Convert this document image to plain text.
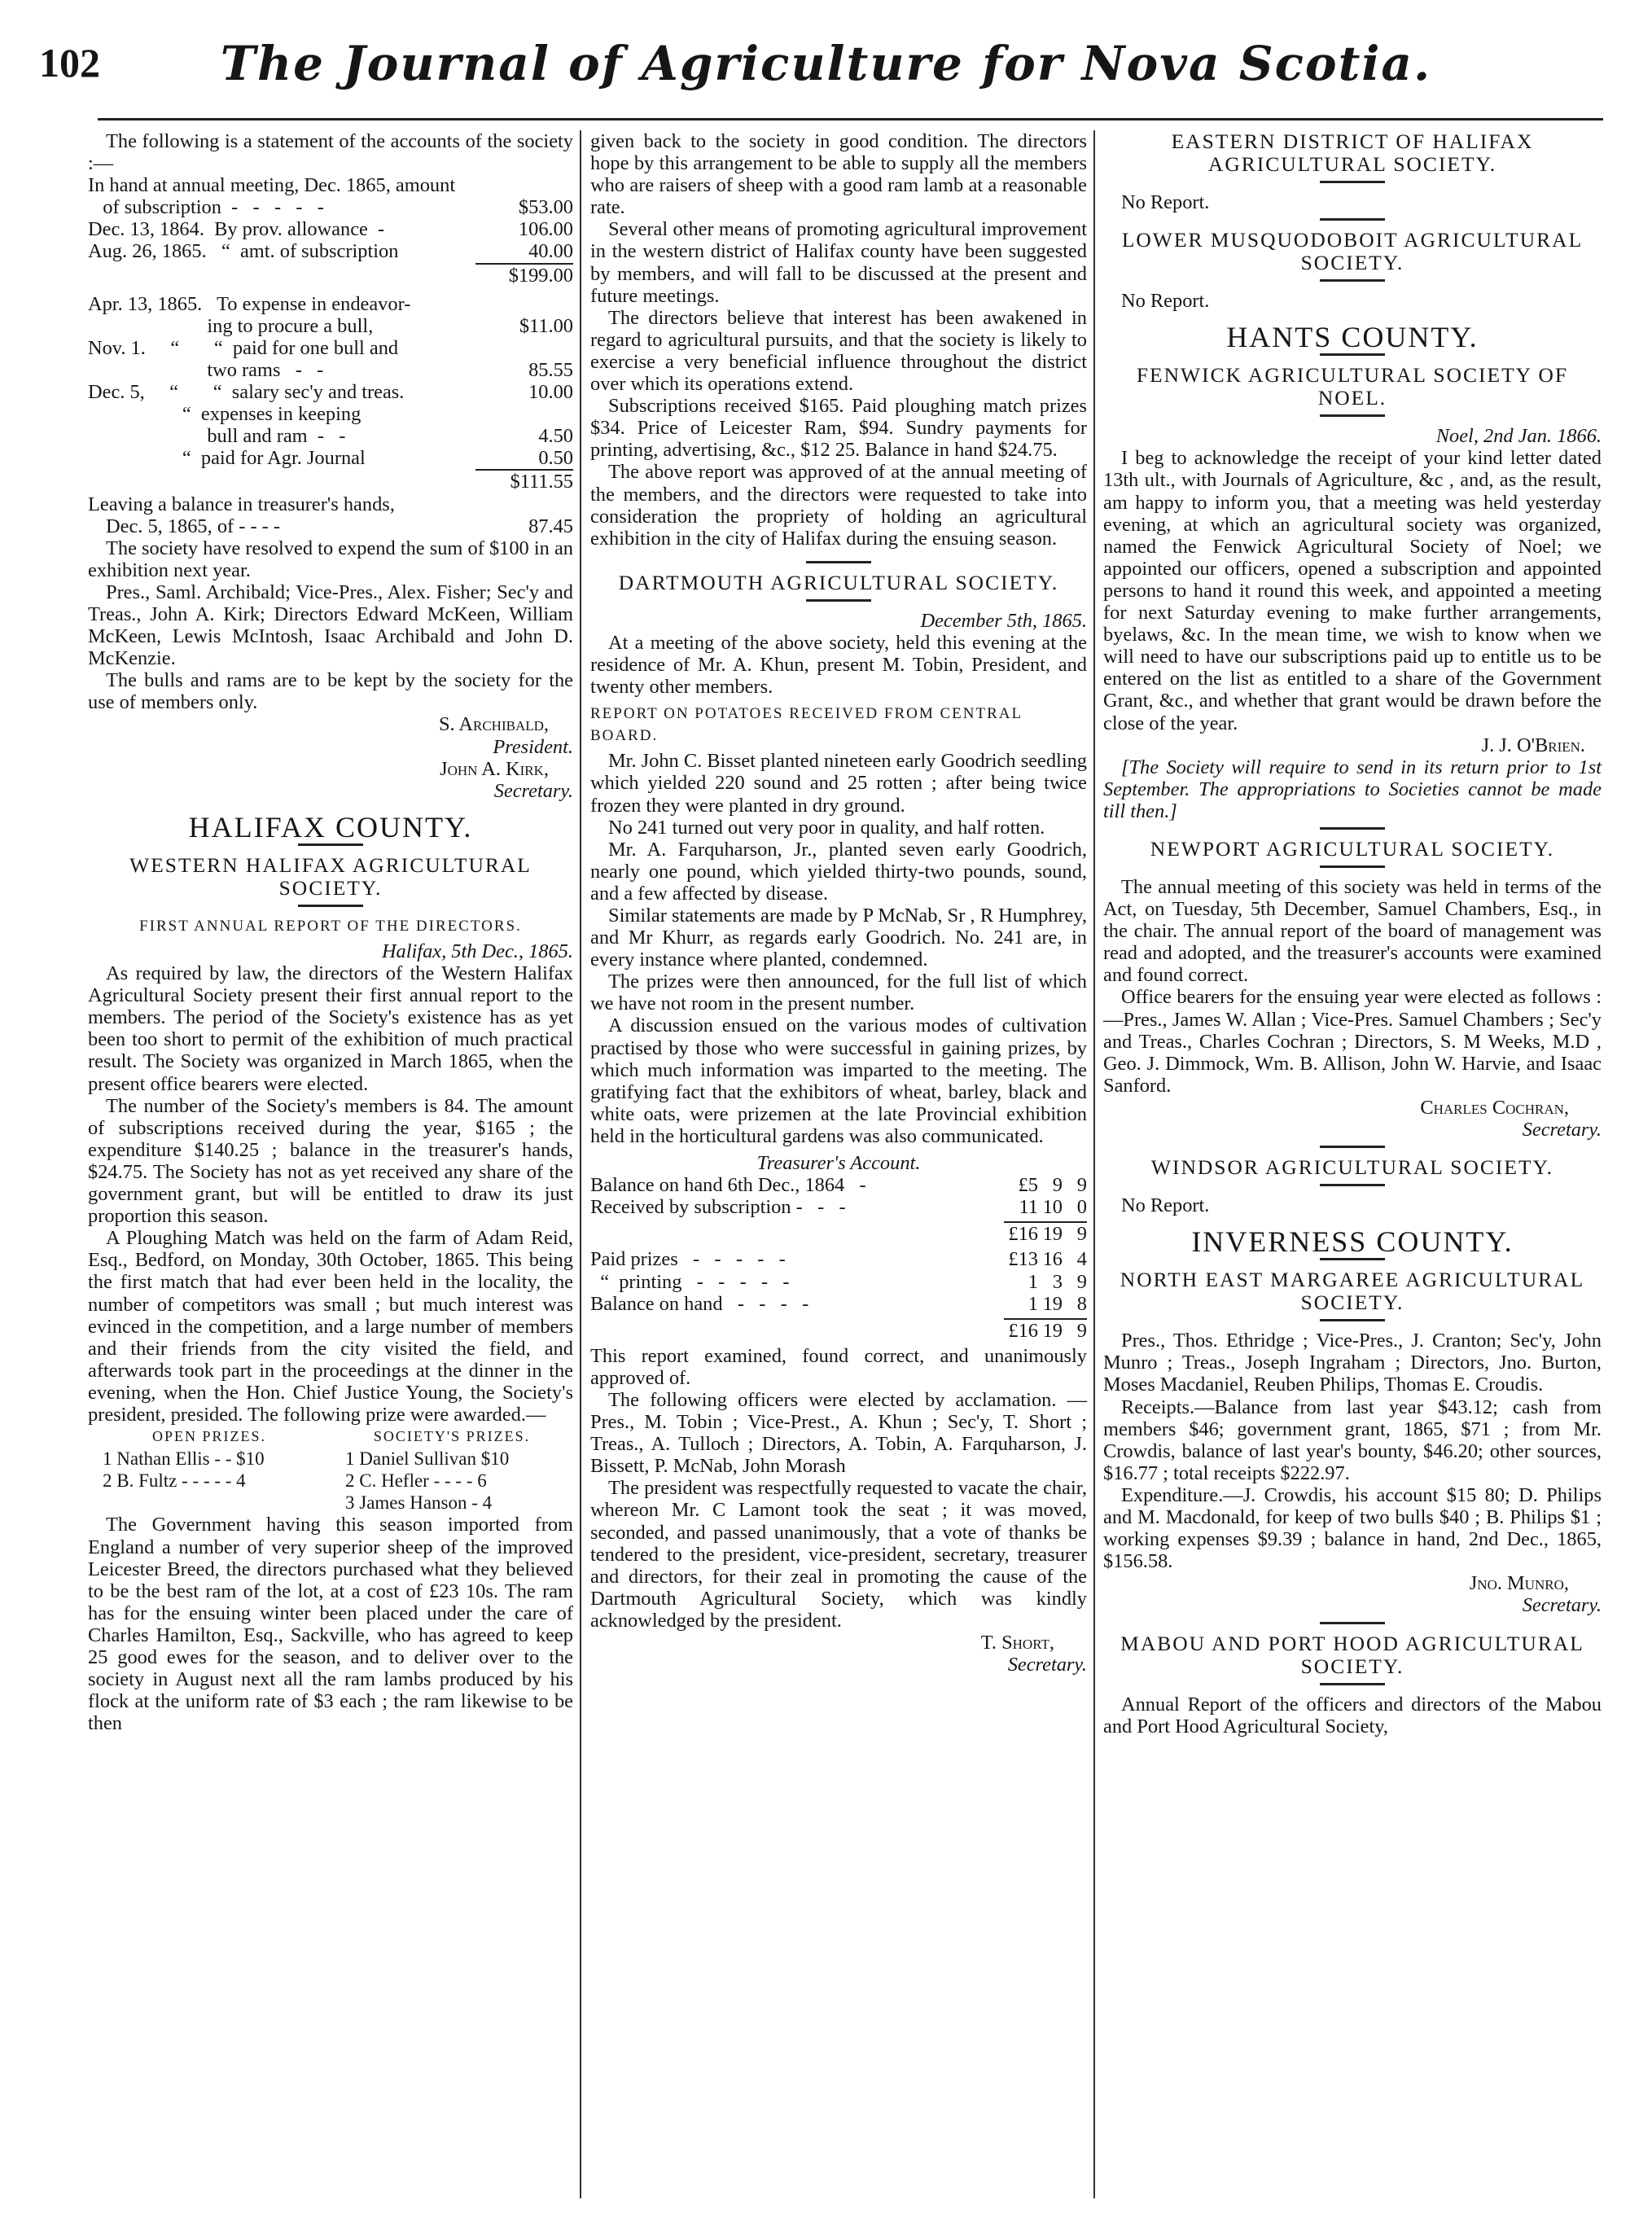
102	The Journal of Agriculture for Nova Scotia.

The following is a statement of the accounts of the society :—

In hand at annual meeting, Dec. 1865, amount	
of subscription  -   -   -   -   -	$53.00
Dec. 13, 1864.  By prov. allowance  -	106.00
Aug. 26, 1865.   “  amt. of subscription	40.00
$199.00
Apr. 13, 1865.   To expense in endeavor-	
ing to procure a bull,	$11.00
Nov. 1.     “       “  paid for one bull and	
two rams   -   -	85.55
Dec. 5,     “       “  salary sec'y and treas.	10.00
“  expenses in keeping	
bull and ram  -   -	4.50
“  paid for Agr. Journal	0.50
$111.55

Leaving a balance in treasurer's hands,

Dec. 5, 1865, of - - - -	87.45

The society have resolved to expend the sum of $100 in an exhibition next year.

Pres., Saml. Archibald; Vice-Pres., Alex. Fisher; Sec'y and Treas., John A. Kirk; Directors Edward McKeen, William McKeen, Lewis McIntosh, Isaac Archibald and John D. McKenzie.

The bulls and rams are to be kept by the society for the use of members only.

S. Archibald,
President.
John A. Kirk,
Secretary.
HALIFAX COUNTY.
WESTERN HALIFAX AGRICULTURAL SOCIETY.
FIRST ANNUAL REPORT OF THE DIRECTORS.
Halifax, 5th Dec., 1865.

As required by law, the directors of the Western Halifax Agricultural Society present their first annual report to the members. The period of the Society's existence has as yet been too short to permit of the exhibition of much practical result. The Society was organized in March 1865, when the present office bearers were elected.

The number of the Society's members is 84. The amount of subscriptions received during the year, $165 ; the expenditure $140.25 ; balance in the treasurer's hands, $24.75. The Society has not as yet received any share of the government grant, but will be entitled to draw its just proportion this season.

A Ploughing Match was held on the farm of Adam Reid, Esq., Bedford, on Monday, 30th October, 1865. This being the first match that had ever been held in the locality, the number of competitors was small ; but much interest was evinced in the competition, and a large number of members and their friends from the city visited the field, and afterwards took part in the proceedings at the dinner in the evening, when the Hon. Chief Justice Young, the Society's president, presided. The following prize were awarded.—

OPEN PRIZES.	SOCIETY'S PRIZES.
1 Nathan Ellis - - $10	1 Daniel Sullivan $10
2 B. Fultz - - - - - 4	2 C. Hefler - - - - 6
	3 James Hanson - 4

The Government having this season imported from England a number of very superior sheep of the improved Leicester Breed, the directors purchased what they believed to be the best ram of the lot, at a cost of £23 10s. The ram has for the ensuing winter been placed under the care of Charles Hamilton, Esq., Sackville, who has agreed to keep 25 good ewes for the season, and to deliver over to the society in August next all the ram lambs produced by his flock at the uniform rate of $3 each ; the ram likewise to be then

given back to the society in good condition. The directors hope by this arrangement to be able to supply all the members who are raisers of sheep with a good ram lamb at a reasonable rate.

Several other means of promoting agricultural improvement in the western district of Halifax county have been suggested by members, and will fall to be discussed at the present and future meetings.

The directors believe that interest has been awakened in regard to agricultural pursuits, and that the society is likely to exercise a very beneficial influence throughout the district over which its operations extend.

Subscriptions received $165. Paid ploughing match prizes $34. Price of Leicester Ram, $94. Sundry payments for printing, advertising, &c., $12 25. Balance in hand $24.75.

The above report was approved of at the annual meeting of the members, and the directors were requested to take into consideration the propriety of holding an agricultural exhibition in the city of Halifax during the ensuing season.

DARTMOUTH AGRICULTURAL SOCIETY.
December 5th, 1865.

At a meeting of the above society, held this evening at the residence of Mr. A. Khun, present M. Tobin, President, and twenty other members.

REPORT ON POTATOES RECEIVED FROM CENTRAL BOARD.

Mr. John C. Bisset planted nineteen early Goodrich seedling which yielded 220 sound and 25 rotten ; after being twice frozen they were planted in dry ground.

No 241 turned out very poor in quality, and half rotten.

Mr. A. Farquharson, Jr., planted seven early Goodrich, nearly one pound, which yielded thirty-two pounds, sound, and a few affected by disease.

Similar statements are made by P McNab, Sr , R Humphrey, and Mr Khurr, as regards early Goodrich. No. 241 are, in every instance where planted, condemned.

The prizes were then announced, for the full list of which we have not room in the present number.

A discussion ensued on the various modes of cultivation practised by those who were successful in gaining prizes, by which much information was imparted to the meeting. The gratifying fact that the exhibitors of wheat, barley, black and white oats, were prizemen at the late Provincial exhibition held in the horticultural gardens was also communicated.

Treasurer's Account.
Balance on hand 6th Dec., 1864   -	£5	9	9
Received by subscription -   -   -	11	10	0
	£16	19	9
Paid prizes   -   -   -   -   -	£13	16	4
“  printing   -   -   -   -   -	1	3	9
Balance on hand   -   -   -   -	1	19	8
	£16	19	9

This report examined, found correct, and unanimously approved of.

The following officers were elected by acclamation. — Pres., M. Tobin ; Vice-Prest., A. Khun ; Sec'y, T. Short ; Treas., A. Tulloch ; Directors, A. Tobin, A. Farquharson, J. Bissett, P. McNab, John Morash

The president was respectfully requested to vacate the chair, whereon Mr. C Lamont took the seat ; it was moved, seconded, and passed unanimously, that a vote of thanks be tendered to the president, vice-president, secretary, treasurer and directors, for their zeal in promoting the cause of the Dartmouth Agricultural Society, which was kindly acknowledged by the president.

T. Short,
Secretary.
EASTERN DISTRICT OF HALIFAX AGRICULTURAL SOCIETY.

No Report.

LOWER MUSQUODOBOIT AGRICULTURAL SOCIETY.

No Report.

HANTS COUNTY.
FENWICK AGRICULTURAL SOCIETY OF NOEL.
Noel, 2nd Jan. 1866.

I beg to acknowledge the receipt of your kind letter dated 13th ult., with Journals of Agriculture, &c , and, as the result, am happy to inform you, that a meeting was held yesterday evening, at which an agricultural society was organized, named the Fenwick Agricultural Society of Noel; we appointed our officers, opened a subscription and appointed persons to hand it round this week, and appointed a meeting for next Saturday evening to make further arrangements, byelaws, &c. In the mean time, we wish to know when we will need to have our subscriptions paid up to entitle us to be entered on the list as entitled to a share of the Government Grant, &c., and whether that grant would be drawn before the close of the year.

J. J. O'Brien.

[The Society will require to send in its return prior to 1st September. The appropriations to Societies cannot be made till then.]

NEWPORT AGRICULTURAL SOCIETY.

The annual meeting of this society was held in terms of the Act, on Tuesday, 5th December, Samuel Chambers, Esq., in the chair. The annual report of the board of management was read and adopted, and the treasurer's accounts were examined and found correct.

Office bearers for the ensuing year were elected as follows :—Pres., James W. Allan ; Vice-Pres. Samuel Chambers ; Sec'y and Treas., Charles Cochran ; Directors, S. M Weeks, M.D , Geo. J. Dimmock, Wm. B. Allison, John W. Harvie, and Isaac Sanford.

Charles Cochran,
Secretary.
WINDSOR AGRICULTURAL SOCIETY.

No Report.

INVERNESS COUNTY.
NORTH EAST MARGAREE AGRICULTURAL SOCIETY.

Pres., Thos. Ethridge ; Vice-Pres., J. Cranton; Sec'y, John Munro ; Treas., Joseph Ingraham ; Directors, Jno. Burton, Moses Macdaniel, Reuben Philips, Thomas E. Croudis.

Receipts.—Balance from last year $43.12; cash from members $46; government grant, 1865, $71 ; from Mr. Crowdis, balance of last year's bounty, $46.20; other sources, $16.77 ; total receipts $222.97.

Expenditure.—J. Crowdis, his account $15 80; D. Philips and M. Macdonald, for keep of two bulls $40 ; B. Philips $1 ; working expenses $9.39 ; balance in hand, 2nd Dec., 1865, $156.58.

Jno. Munro,
Secretary.
MABOU AND PORT HOOD AGRICULTURAL SOCIETY.

Annual Report of the officers and directors of the Mabou and Port Hood Agricultural Society,
